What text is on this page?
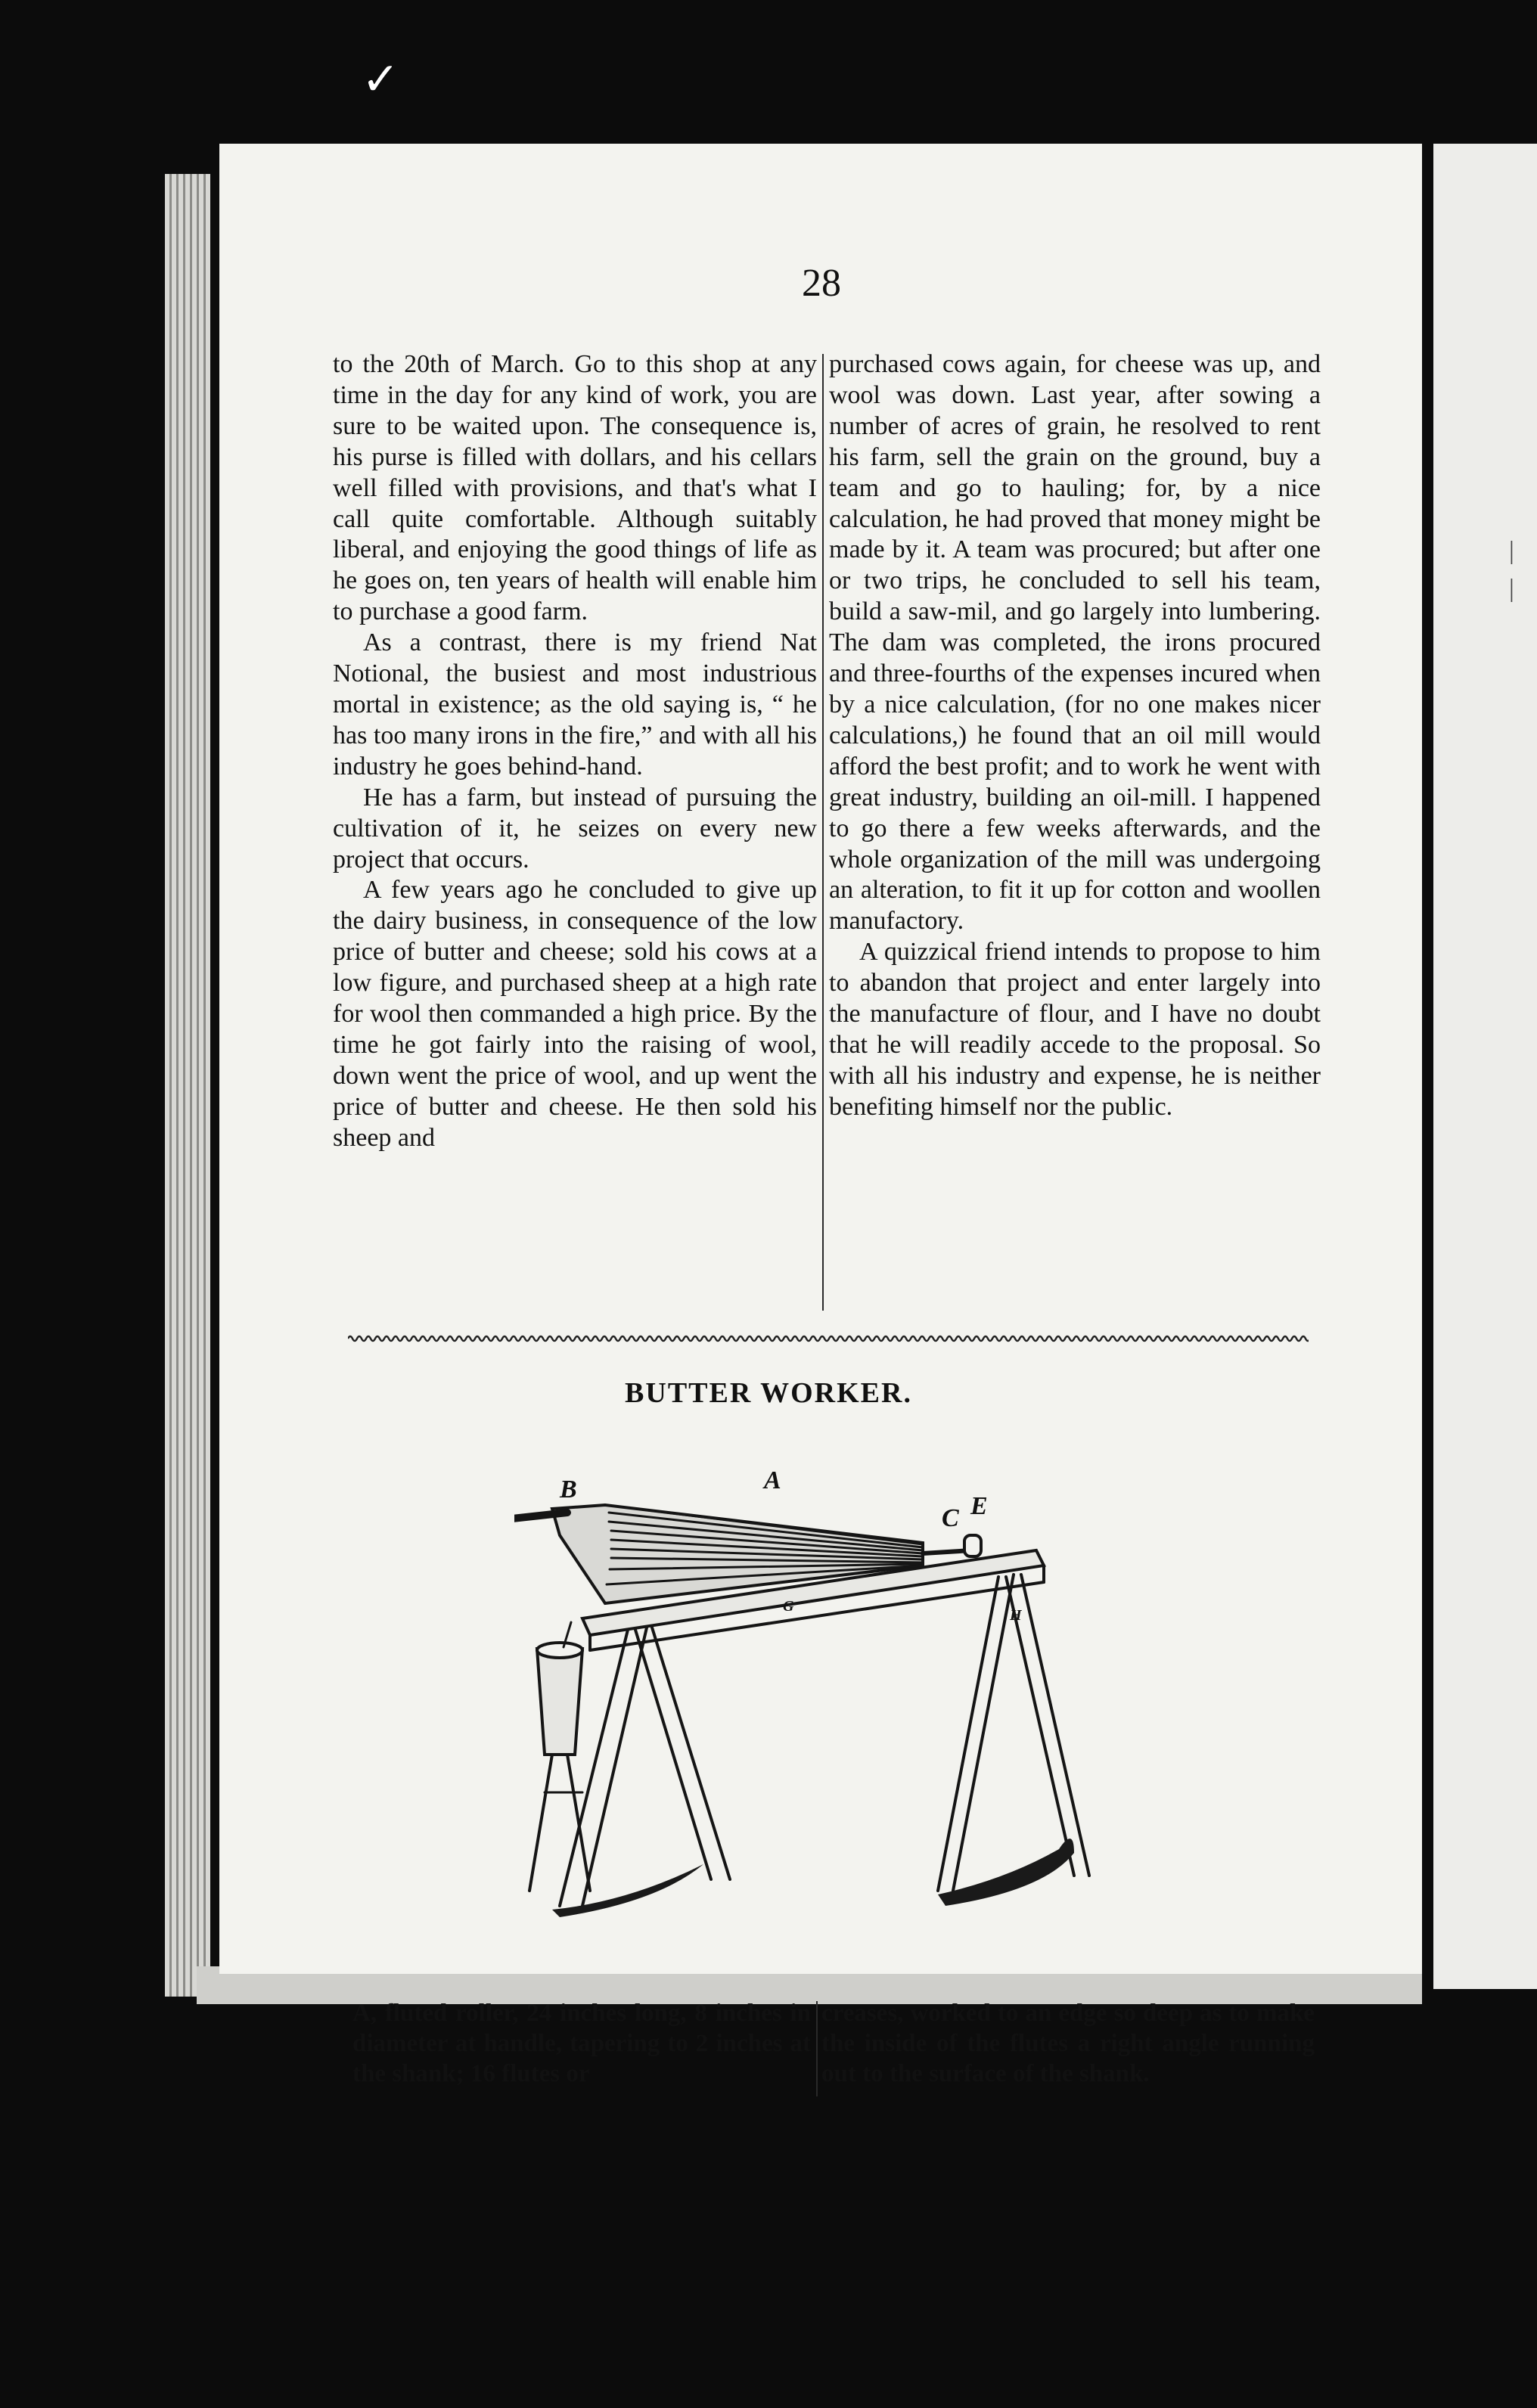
|
|
✓
28

to the 20th of March. Go to this shop at any time in the day for any kind of work, you are sure to be waited upon. The consequence is, his purse is filled with dollars, and his cellars well filled with provisions, and that's what I call quite comfortable. Although suitably liberal, and enjoying the good things of life as he goes on, ten years of health will enable him to purchase a good farm.

As a contrast, there is my friend Nat Notional, the busiest and most industrious mortal in existence; as the old saying is, “ he has too many irons in the fire,” and with all his industry he goes behind-hand.

He has a farm, but instead of pursuing the cultivation of it, he seizes on every new project that occurs.

A few years ago he concluded to give up the dairy business, in consequence of the low price of butter and cheese; sold his cows at a low figure, and purchased sheep at a high rate for wool then commanded a high price. By the time he got fairly into the raising of wool, down went the price of wool, and up went the price of butter and cheese. He then sold his sheep and

purchased cows again, for cheese was up, and wool was down. Last year, after sowing a number of acres of grain, he resolved to rent his farm, sell the grain on the ground, buy a team and go to hauling; for, by a nice calculation, he had proved that money might be made by it. A team was procured; but after one or two trips, he concluded to sell his team, build a saw-mil, and go largely into lumbering. The dam was completed, the irons procured and three-fourths of the expenses incured when by a nice calculation, (for no one makes nicer calculations,) he found that an oil mill would afford the best profit; and to work he went with great industry, building an oil-mill. I happened to go there a few weeks afterwards, and the whole organization of the mill was undergoing an alteration, to fit it up for cotton and woollen manufactory.

A quizzical friend intends to propose to him to abandon that project and enter largely into the manufacture of flour, and I have no doubt that he will readily accede to the proposal. So with all his industry and expense, he is neither benefiting himself nor the public.

BUTTER WORKER.
A
B
C E
G
H
A, fluted roller, 24 inches long, 8 inches in diameter at handle, tapering to 2 inches at the shank; 16 flutes or
creases, worked to an edge so deep as to make the inside of the flutes a right angle running out to the surface of the shank.
